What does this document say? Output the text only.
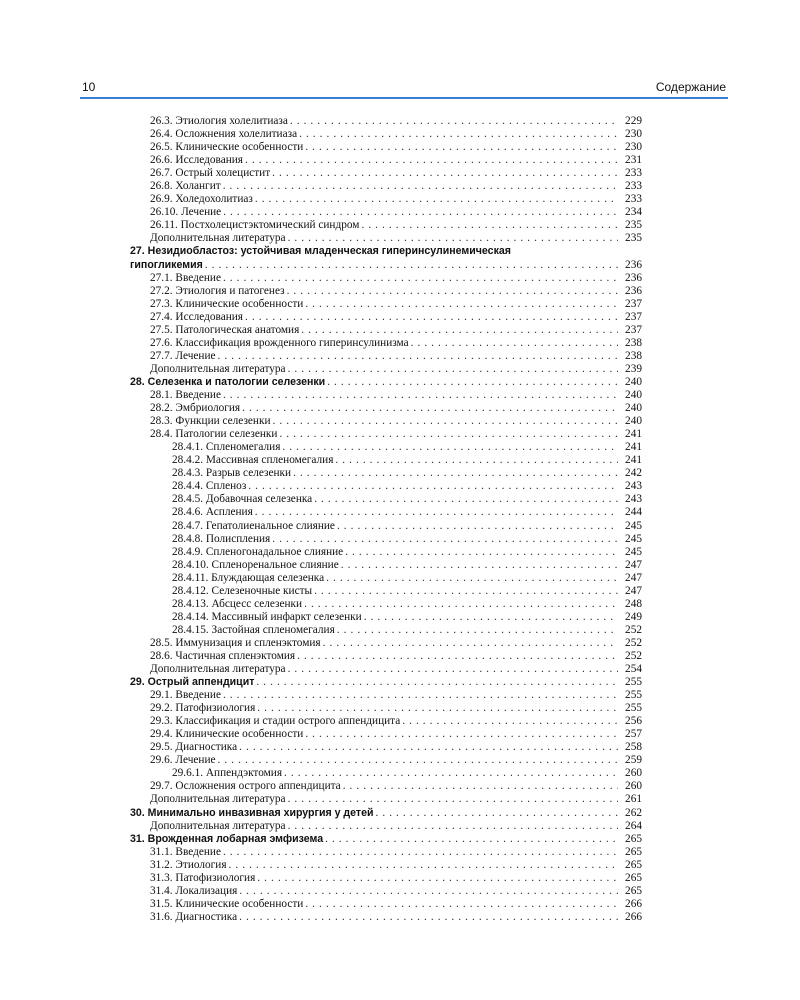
10	Содержание
26.3. Этиология холелитиаза . . .	229
26.4. Осложнения холелитиаза . . .	230
26.5. Клинические особенности . . .	230
26.6. Исследования . . .	231
26.7. Острый холецистит . . .	233
26.8. Холангит . . .	233
26.9. Холедохолитиаз . . .	233
26.10. Лечение . . .	234
26.11. Постхолецистэктомический синдром . . .	235
Дополнительная литература . . .	235
27. Незидиобластоз: устойчивая младенческая гиперинсулинемическая
гипогликемия . . .	236
27.1. Введение . . .	236
27.2. Этиология и патогенез . . .	236
27.3. Клинические особенности . . .	237
27.4. Исследования . . .	237
27.5. Патологическая анатомия . . .	237
27.6. Классификация врожденного гиперинсулинизма . . .	238
27.7. Лечение . . .	238
Дополнительная литература . . .	239
28. Селезенка и патологии селезенки . . .	240
28.1. Введение . . .	240
28.2. Эмбриология . . .	240
28.3. Функции селезенки . . .	240
28.4. Патологии селезенки . . .	241
28.4.1. Спленомегалия . . .	241
28.4.2. Массивная спленомегалия . . .	241
28.4.3. Разрыв селезенки . . .	242
28.4.4. Спленоз . . .	243
28.4.5. Добавочная селезенка . . .	243
28.4.6. Аспления . . .	244
28.4.7. Гепатолиенальное слияние . . .	245
28.4.8. Полиспления . . .	245
28.4.9. Спленогонадальное слияние . . .	245
28.4.10. Спленоренальное слияние . . .	247
28.4.11. Блуждающая селезенка . . .	247
28.4.12. Селезеночные кисты . . .	247
28.4.13. Абсцесс селезенки . . .	248
28.4.14. Массивный инфаркт селезенки . . .	249
28.4.15. Застойная спленомегалия . . .	252
28.5. Иммунизация и спленэктомия . . .	252
28.6. Частичная спленэктомия . . .	252
Дополнительная литература . . .	254
29. Острый аппендицит . . .	255
29.1. Введение . . .	255
29.2. Патофизиология . . .	255
29.3. Классификация и стадии острого аппендицита . . .	256
29.4. Клинические особенности . . .	257
29.5. Диагностика . . .	258
29.6. Лечение . . .	259
29.6.1. Аппендэктомия . . .	260
29.7. Осложнения острого аппендицита . . .	260
Дополнительная литература . . .	261
30. Минимально инвазивная хирургия у детей . . .	262
Дополнительная литература . . .	264
31. Врожденная лобарная эмфизема . . .	265
31.1. Введение . . .	265
31.2. Этиология . . .	265
31.3. Патофизиология . . .	265
31.4. Локализация . . .	265
31.5. Клинические особенности . . .	266
31.6. Диагностика . . .	266
